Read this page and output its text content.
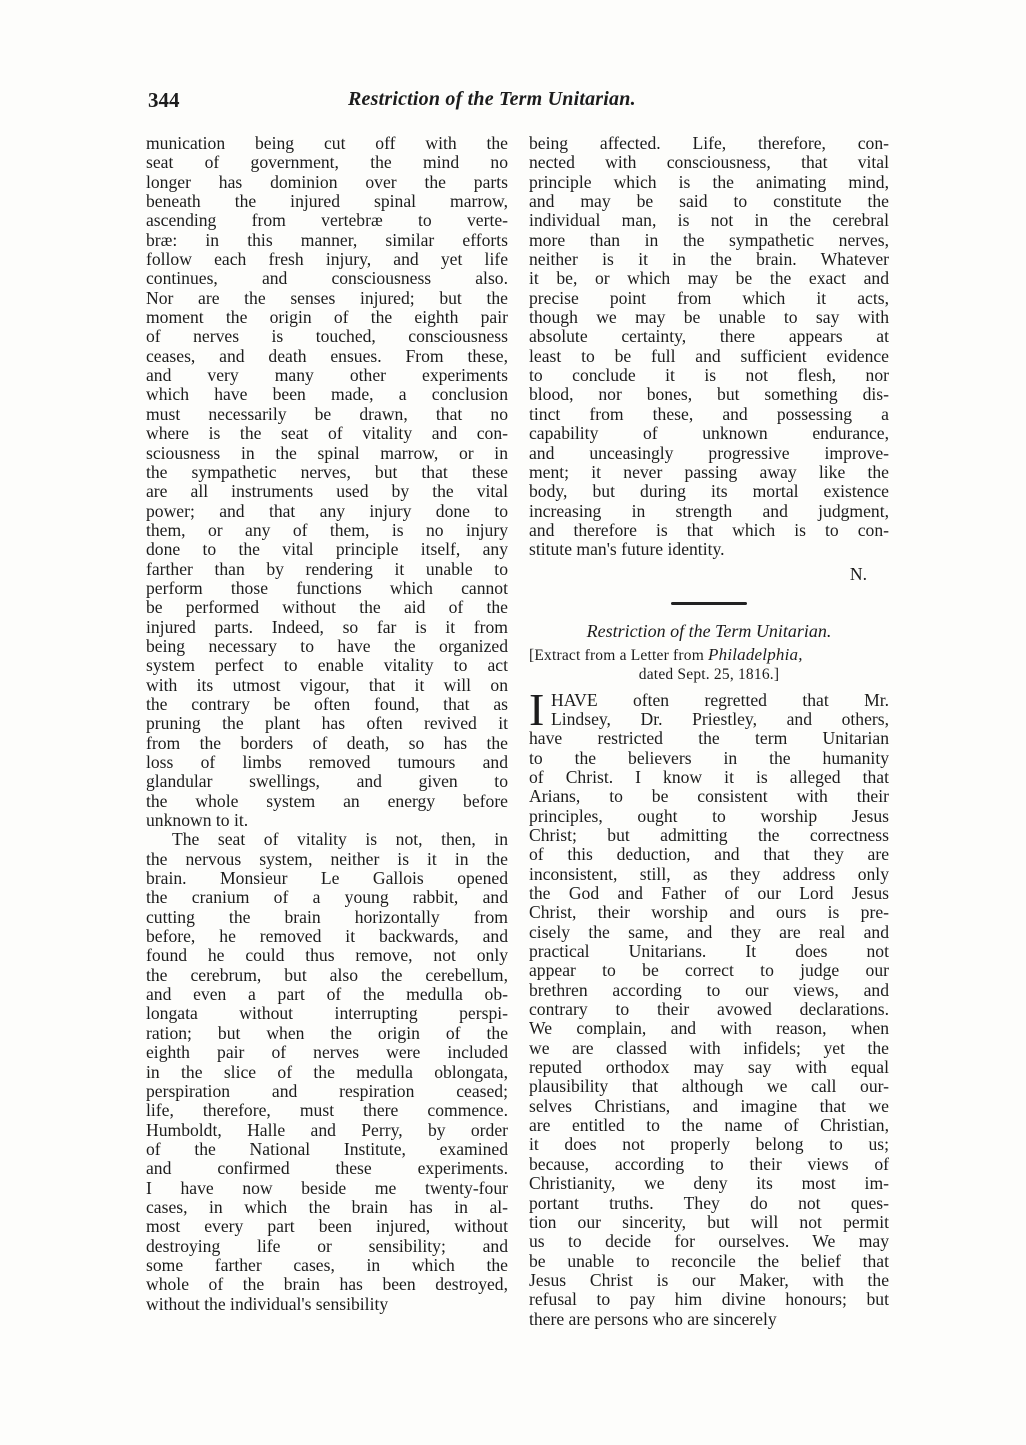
344	Restriction of the Term Unitarian.
munication being cut off with the
seat of government, the mind no
longer has dominion over the parts
beneath the injured spinal marrow,
ascending from vertebræ to verte-
bræ: in this manner, similar efforts
follow each fresh injury, and yet life
continues, and consciousness also.
Nor are the senses injured; but the
moment the origin of the eighth pair
of nerves is touched, consciousness
ceases, and death ensues. From these,
and very many other experiments
which have been made, a conclusion
must necessarily be drawn, that no
where is the seat of vitality and con-
sciousness in the spinal marrow, or in
the sympathetic nerves, but that these
are all instruments used by the vital
power; and that any injury done to
them, or any of them, is no injury
done to the vital principle itself, any
farther than by rendering it unable to
perform those functions which cannot
be performed without the aid of the
injured parts. Indeed, so far is it from
being necessary to have the organized
system perfect to enable vitality to act
with its utmost vigour, that it will on
the contrary be often found, that as
pruning the plant has often revived it
from the borders of death, so has the
loss of limbs removed tumours and
glandular swellings, and given to
the whole system an energy before
unknown to it.
The seat of vitality is not, then, in
the nervous system, neither is it in the
brain. Monsieur Le Gallois opened
the cranium of a young rabbit, and
cutting the brain horizontally from
before, he removed it backwards, and
found he could thus remove, not only
the cerebrum, but also the cerebellum,
and even a part of the medulla ob-
longata without interrupting perspi-
ration; but when the origin of the
eighth pair of nerves were included
in the slice of the medulla oblongata,
perspiration and respiration ceased;
life, therefore, must there commence.
Humboldt, Halle and Perry, by order
of the National Institute, examined
and confirmed these experiments.
I have now beside me twenty-four
cases, in which the brain has in al-
most every part been injured, without
destroying life or sensibility; and
some farther cases, in which the
whole of the brain has been destroyed,
without the individual's sensibility
being affected. Life, therefore, con-
nected with consciousness, that vital
principle which is the animating mind,
and may be said to constitute the
individual man, is not in the cerebral
more than in the sympathetic nerves,
neither is it in the brain. Whatever
it be, or which may be the exact and
precise point from which it acts,
though we may be unable to say with
absolute certainty, there appears at
least to be full and sufficient evidence
to conclude it is not flesh, nor
blood, nor bones, but something dis-
tinct from these, and possessing a
capability of unknown endurance,
and unceasingly progressive improve-
ment; it never passing away like the
body, but during its mortal existence
increasing in strength and judgment,
and therefore is that which is to con-
stitute man's future identity.
N.
Restriction of the Term Unitarian.
[Extract from a Letter from Philadelphia,
dated Sept. 25, 1816.]
I HAVE often regretted that Mr.
Lindsey, Dr. Priestley, and others,
have restricted the term Unitarian
to the believers in the humanity
of Christ. I know it is alleged that
Arians, to be consistent with their
principles, ought to worship Jesus
Christ; but admitting the correctness
of this deduction, and that they are
inconsistent, still, as they address only
the God and Father of our Lord Jesus
Christ, their worship and ours is pre-
cisely the same, and they are real and
practical Unitarians. It does not
appear to be correct to judge our
brethren according to our views, and
contrary to their avowed declarations.
We complain, and with reason, when
we are classed with infidels; yet the
reputed orthodox may say with equal
plausibility that although we call our-
selves Christians, and imagine that we
are entitled to the name of Christian,
it does not properly belong to us;
because, according to their views of
Christianity, we deny its most im-
portant truths. They do not ques-
tion our sincerity, but will not permit
us to decide for ourselves. We may
be unable to reconcile the belief that
Jesus Christ is our Maker, with the
refusal to pay him divine honours; but
there are persons who are sincerely
